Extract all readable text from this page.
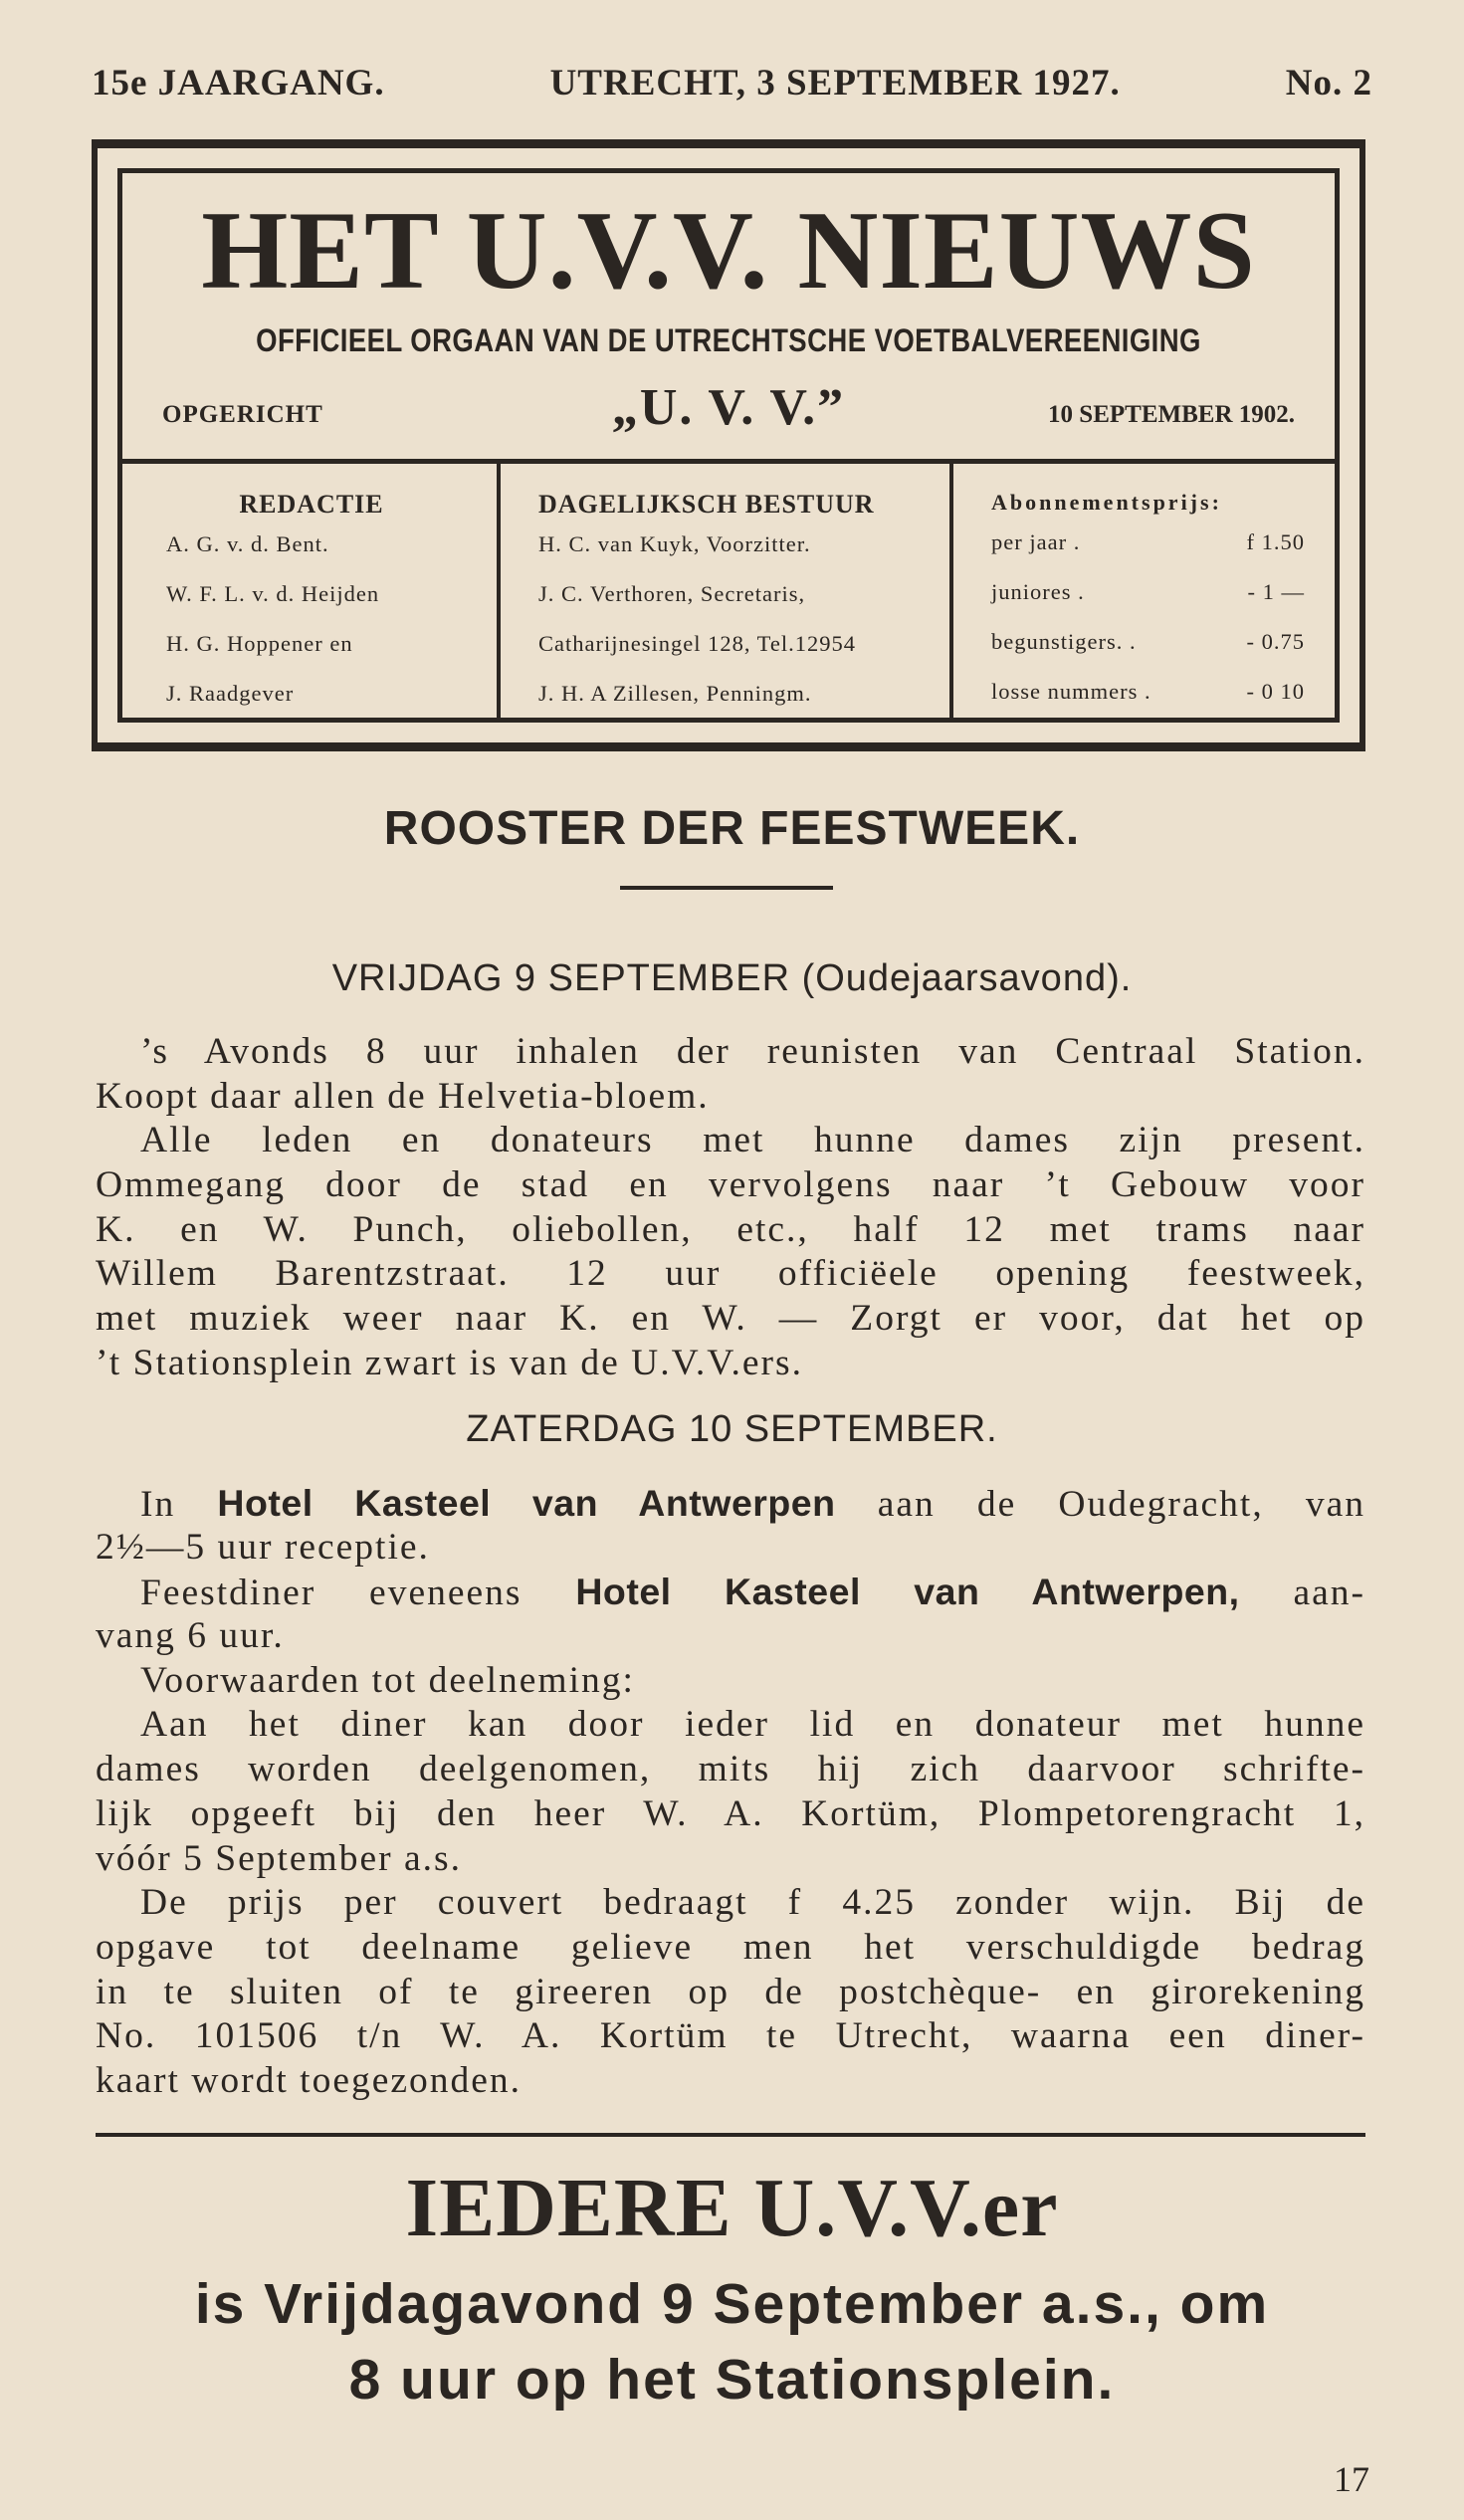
15e JAARGANG.	UTRECHT, 3 SEPTEMBER 1927.	No. 2
HET U.V.V. NIEUWS
OFFICIEEL ORGAAN VAN DE UTRECHTSCHE VOETBALVEREENIGING
OPGERICHT	„U. V. V.”	10 SEPTEMBER 1902.
REDACTIE
A. G. v. d. Bent.
W. F. L. v. d. Heijden
H. G. Hoppener en
J. Raadgever
DAGELIJKSCH BESTUUR
H. C. van Kuyk, Voorzitter.
J. C. Verthoren, Secretaris,
Catharijnesingel 128, Tel.12954
J. H. A Zillesen, Penningm.
Abonnementsprijs:
per jaar .	f 1.50
juniores .	- 1 —
begunstigers. .	- 0.75
losse nummers .	- 0 10
ROOSTER DER FEESTWEEK.
VRIJDAG 9 SEPTEMBER (Oudejaarsavond).
’s Avonds 8 uur inhalen der reunisten van Centraal Station.
Koopt daar allen de Helvetia-bloem.
Alle leden en donateurs met hunne dames zijn present.
Ommegang door de stad en vervolgens naar ’t Gebouw voor
K. en W. Punch, oliebollen, etc., half 12 met trams naar
Willem Barentzstraat. 12 uur officiëele opening feestweek,
met muziek weer naar K. en W. — Zorgt er voor, dat het op
’t Stationsplein zwart is van de U.V.V.ers.
ZATERDAG 10 SEPTEMBER.
In Hotel Kasteel van Antwerpen aan de Oudegracht, van
2½—5 uur receptie.
Feestdiner eveneens Hotel Kasteel van Antwerpen, aan-
vang 6 uur.
Voorwaarden tot deelneming:
Aan het diner kan door ieder lid en donateur met hunne
dames worden deelgenomen, mits hij zich daarvoor schrifte-
lijk opgeeft bij den heer W. A. Kortüm, Plompetorengracht 1,
vóór 5 September a.s.
De prijs per couvert bedraagt f 4.25 zonder wijn. Bij de
opgave tot deelname gelieve men het verschuldigde bedrag
in te sluiten of te gireeren op de postchèque- en girorekening
No. 101506 t/n W. A. Kortüm te Utrecht, waarna een diner-
kaart wordt toegezonden.
IEDERE U.V.V.er
is Vrijdagavond 9 September a.s., om
8 uur op het Stationsplein.
17
